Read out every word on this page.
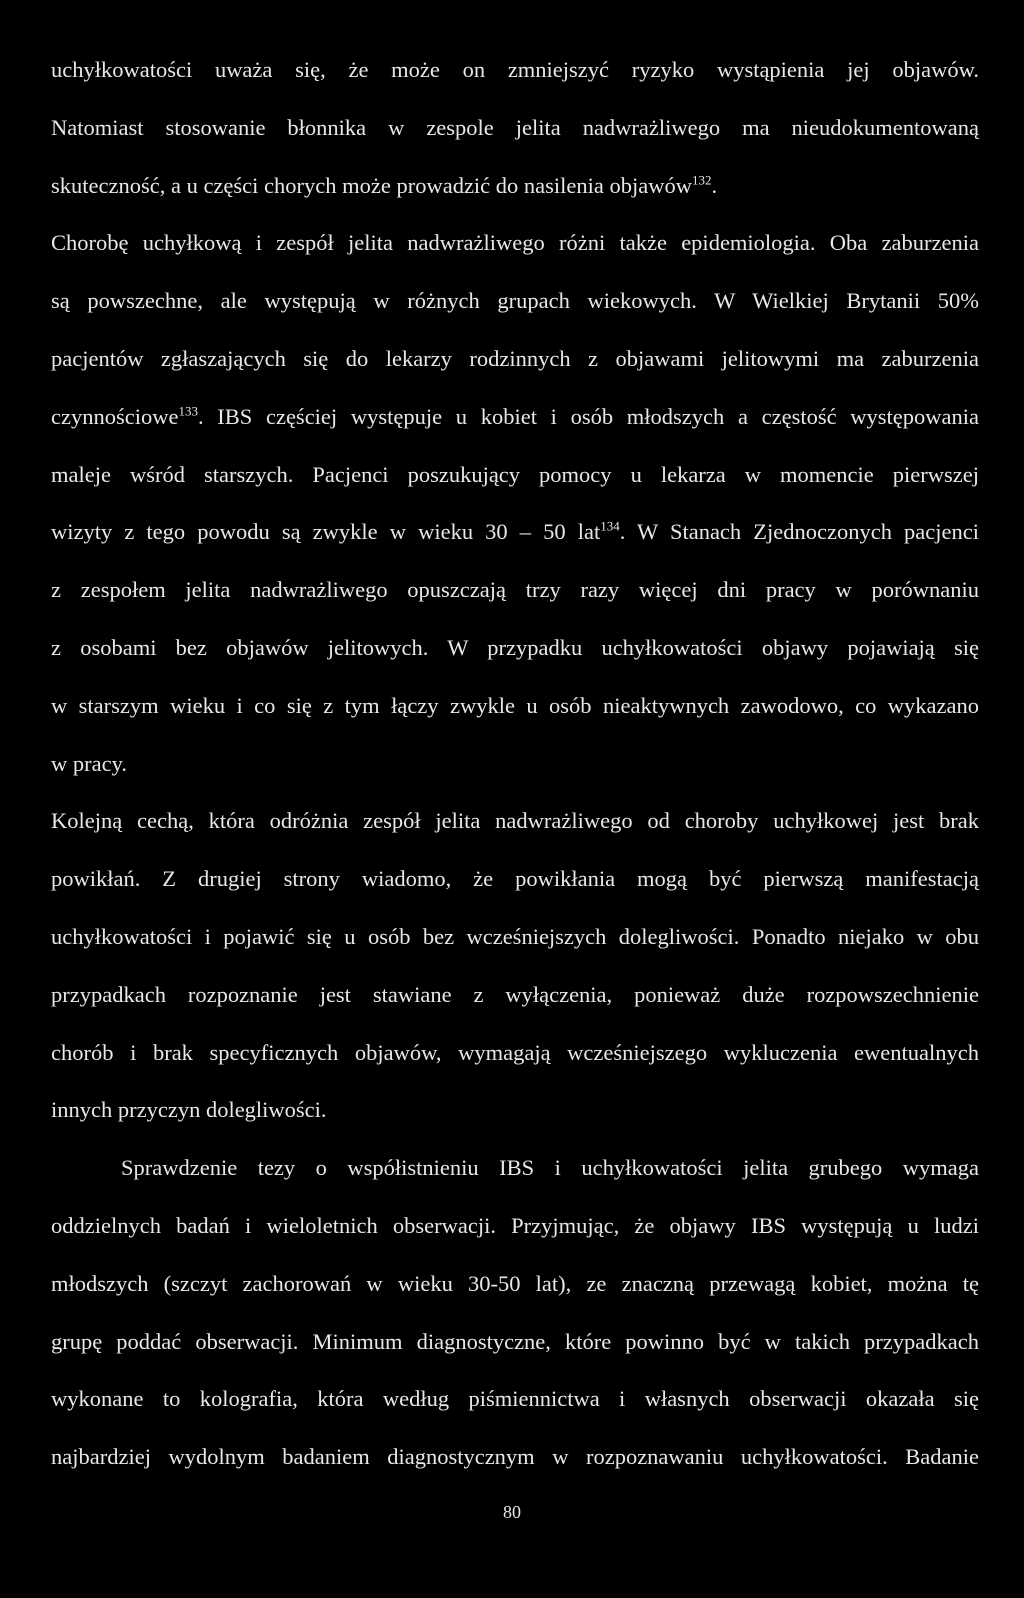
uchyłkowatości uważa się, że może on zmniejszyć ryzyko wystąpienia jej objawów.
Natomiast stosowanie błonnika w zespole jelita nadwrażliwego ma nieudokumentowaną
skuteczność, a u części chorych może prowadzić do nasilenia objawów$^{132}$.
Chorobę uchyłkową i zespół jelita nadwrażliwego różni także epidemiologia. Oba zaburzenia
są powszechne, ale występują w różnych grupach wiekowych. W Wielkiej Brytanii 50%
pacjentów zgłaszających się do lekarzy rodzinnych z objawami jelitowymi ma zaburzenia
czynnościowe$^{133}$. IBS częściej występuje u kobiet i osób młodszych a częstość występowania
maleje wśród starszych. Pacjenci poszukujący pomocy u lekarza w momencie pierwszej
wizyty z tego powodu są zwykle w wieku 30 – 50 lat$^{134}$. W Stanach Zjednoczonych pacjenci
z zespołem jelita nadwrażliwego opuszczają trzy razy więcej dni pracy w porównaniu
z osobami bez objawów jelitowych. W przypadku uchyłkowatości objawy pojawiają się
w starszym wieku i co się z tym łączy zwykle u osób nieaktywnych zawodowo, co wykazano
w pracy.
Kolejną cechą, która odróżnia zespół jelita nadwrażliwego od choroby uchyłkowej jest brak
powikłań. Z drugiej strony wiadomo, że powikłania mogą być pierwszą manifestacją
uchyłkowatości i pojawić się u osób bez wcześniejszych dolegliwości. Ponadto niejako w obu
przypadkach rozpoznanie jest stawiane z wyłączenia, ponieważ duże rozpowszechnienie
chorób i brak specyficznych objawów, wymagają wcześniejszego wykluczenia ewentualnych
innych przyczyn dolegliwości.
Sprawdzenie tezy o współistnieniu IBS i uchyłkowatości jelita grubego wymaga
oddzielnych badań i wieloletnich obserwacji. Przyjmując, że objawy IBS występują u ludzi
młodszych (szczyt zachorowań w wieku 30-50 lat), ze znaczną przewagą kobiet, można tę
grupę poddać obserwacji. Minimum diagnostyczne, które powinno być w takich przypadkach
wykonane to kolografia, która według piśmiennictwa i własnych obserwacji okazała się
najbardziej wydolnym badaniem diagnostycznym w rozpoznawaniu uchyłkowatości. Badanie
80
